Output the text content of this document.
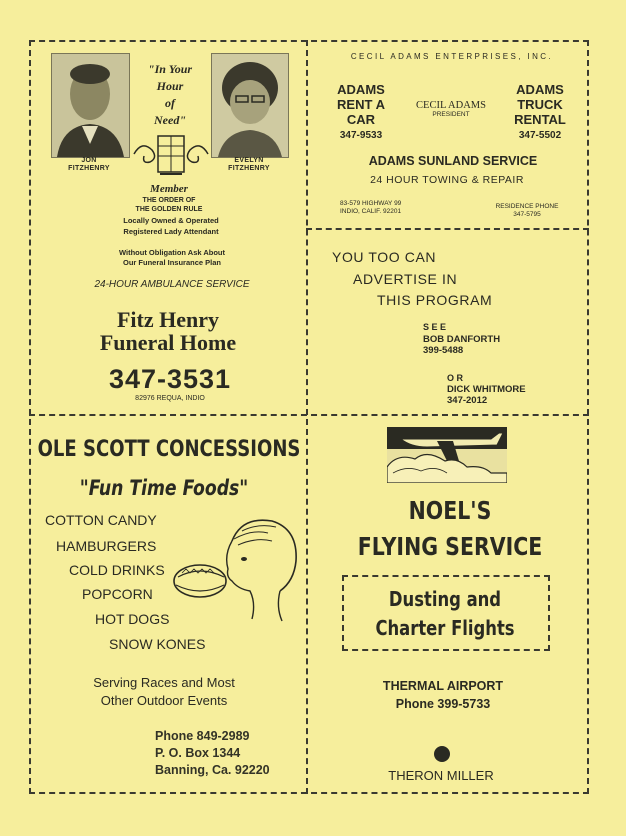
"In Your
Hour
of
Need"
JON
FITZHENRY
EVELYN
FITZHENRY
Member
THE ORDER OF
THE GOLDEN RULE
Locally Owned & Operated
Registered Lady Attendant
Without Obligation Ask About
Our Funeral Insurance Plan
24-HOUR AMBULANCE SERVICE
Fitz Henry
Funeral Home
347-3531
82976 REQUA, INDIO
CECIL ADAMS ENTERPRISES, INC.
ADAMS
RENT A
CAR
347-9533
CECIL ADAMS
PRESIDENT
ADAMS
TRUCK
RENTAL
347-5502
ADAMS SUNLAND SERVICE
24 HOUR TOWING & REPAIR
83-579 HIGHWAY 99
INDIO, CALIF. 92201
RESIDENCE PHONE
347-5795
YOU TOO CAN
ADVERTISE IN
THIS PROGRAM
S E E
BOB DANFORTH
399-5488
O R
DICK WHITMORE
347-2012
OLE SCOTT CONCESSIONS
"Fun Time Foods"
COTTON CANDY
HAMBURGERS
COLD DRINKS
POPCORN
HOT DOGS
SNOW KONES
Serving Races and Most
Other Outdoor Events
Phone 849-2989
P. O. Box 1344
Banning, Ca. 92220
NOEL'S
FLYING SERVICE
Dusting and
Charter Flights
THERMAL AIRPORT
Phone 399-5733
THERON MILLER
